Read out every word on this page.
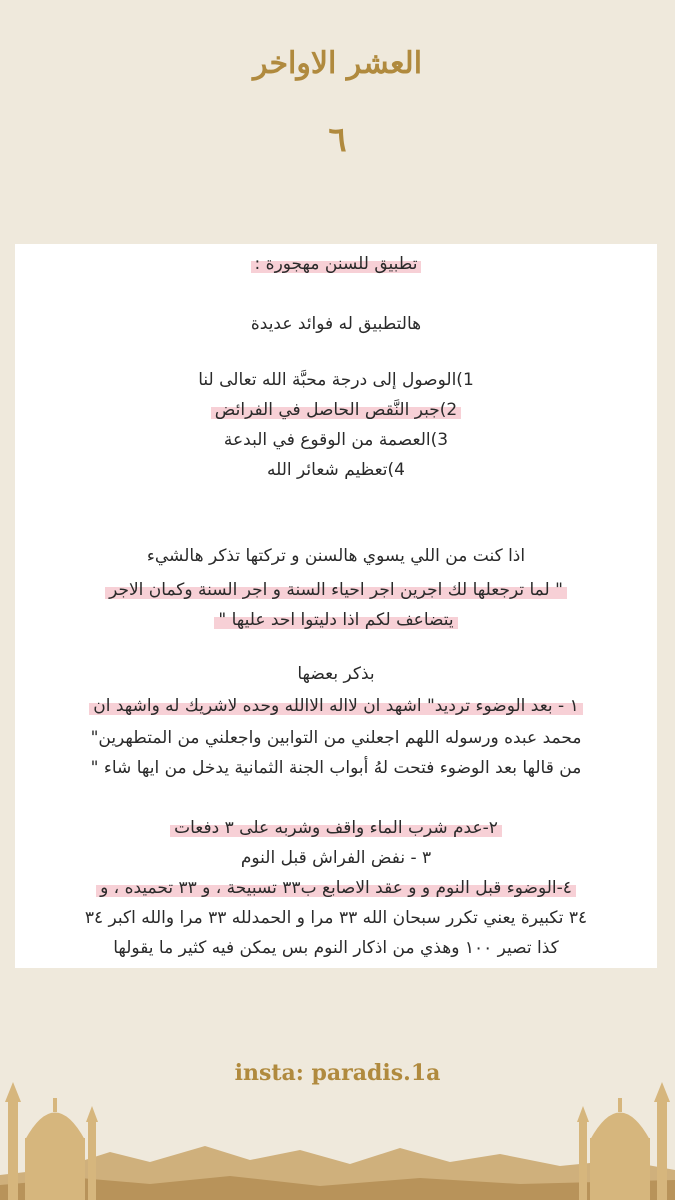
العشر الاواخر
٦
تطبيق للسنن مهجورة :
هالتطبيق له فوائد عديدة
1)الوصول إلى درجة محبَّة الله تعالى لنا
2)جبر النَّقص الحاصل في الفرائض
3)العصمة من الوقوع في البدعة
4)تعظيم شعائر الله
اذا كنت من اللي يسوي هالسنن و تركتها تذكر هالشيء
" لما ترجعلها لك اجرين اجر احياء السنة و اجر السنة وكمان الاجر
يتضاعف لكم اذا دليتوا احد عليها "
بذكر بعضها
١ - بعد الوضوء ترديد" اشهد ان لااله الاالله وحده لاشريك له واشهد ان
محمد عبده ورسوله اللهم اجعلني من التوابين واجعلني من المتطهرين"
من قالها بعد الوضوء فتحت لهُ أبواب الجنة الثمانية يدخل من ايها شاء "
٢-عدم شرب الماء واقف وشربه على ٣ دفعات
٣ - نفض الفراش قبل النوم
٤-الوضوء قبل النوم و و عقد الاصابع ب٣٣ تسبيحة ، و ٣٣ تحميده ، و
٣٤ تكبيرة يعني تكرر سبحان الله ٣٣ مرا و الحمدلله ٣٣ مرا والله اكبر ٣٤
كذا تصير ١٠٠ وهذي من اذكار النوم بس يمكن فيه كثير ما يقولها
insta: paradis.1a
